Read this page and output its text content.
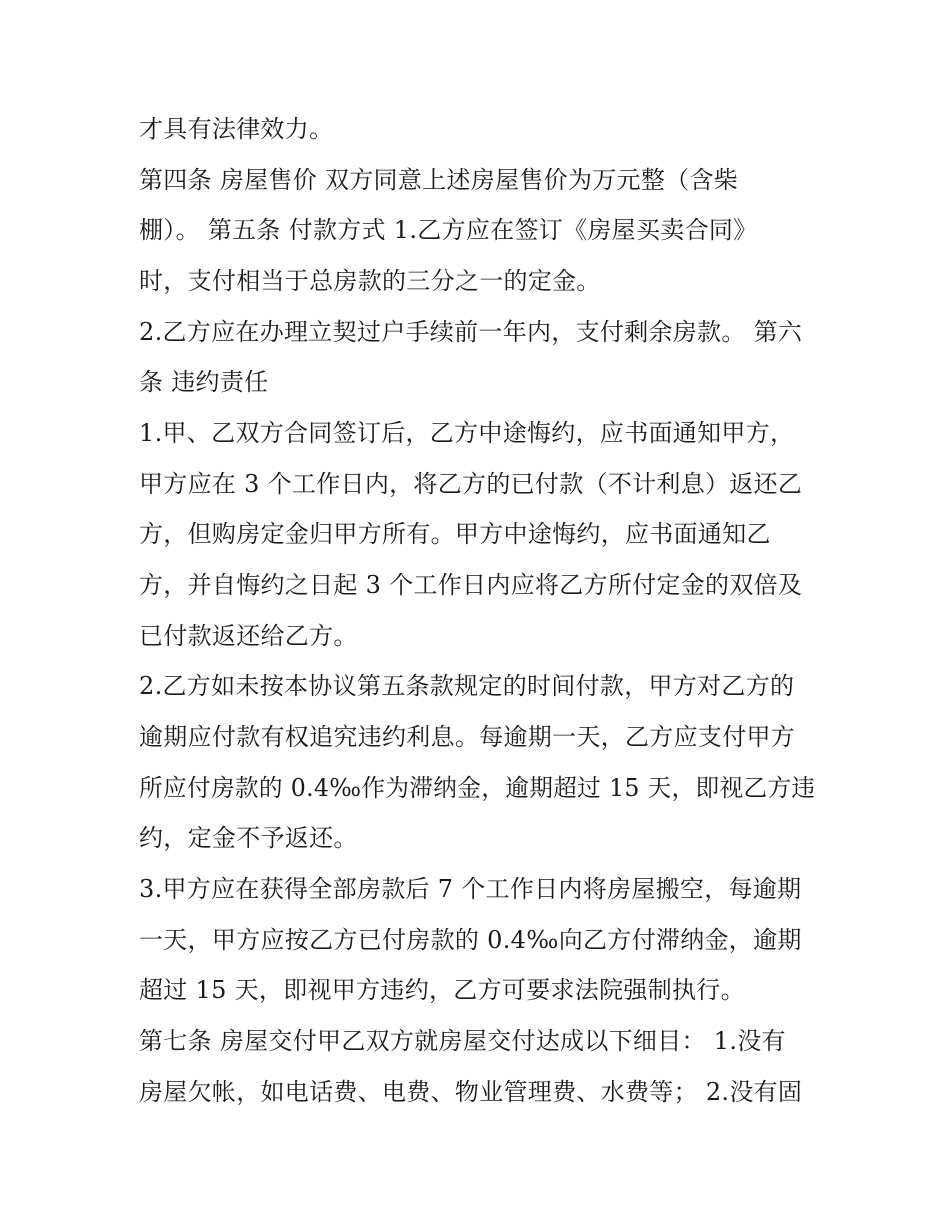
才具有法律效力。
第四条 房屋售价 双方同意上述房屋售价为万元整（含柴
棚）。 第五条 付款方式 1.乙方应在签订《房屋买卖合同》
时，支付相当于总房款的三分之一的定金。
2.乙方应在办理立契过户手续前一年内，支付剩余房款。 第六
条 违约责任
1.甲、乙双方合同签订后，乙方中途悔约，应书面通知甲方，
甲方应在 3 个工作日内，将乙方的已付款（不计利息）返还乙
方，但购房定金归甲方所有。甲方中途悔约，应书面通知乙
方，并自悔约之日起 3 个工作日内应将乙方所付定金的双倍及
已付款返还给乙方。
2.乙方如未按本协议第五条款规定的时间付款，甲方对乙方的
逾期应付款有权追究违约利息。每逾期一天，乙方应支付甲方
所应付房款的 0.4‰作为滞纳金，逾期超过 15 天，即视乙方违
约，定金不予返还。
3.甲方应在获得全部房款后 7 个工作日内将房屋搬空，每逾期
一天，甲方应按乙方已付房款的 0.4‰向乙方付滞纳金，逾期
超过 15 天，即视甲方违约，乙方可要求法院强制执行。
第七条 房屋交付甲乙双方就房屋交付达成以下细目： 1.没有
房屋欠帐，如电话费、电费、物业管理费、水费等； 2.没有固
